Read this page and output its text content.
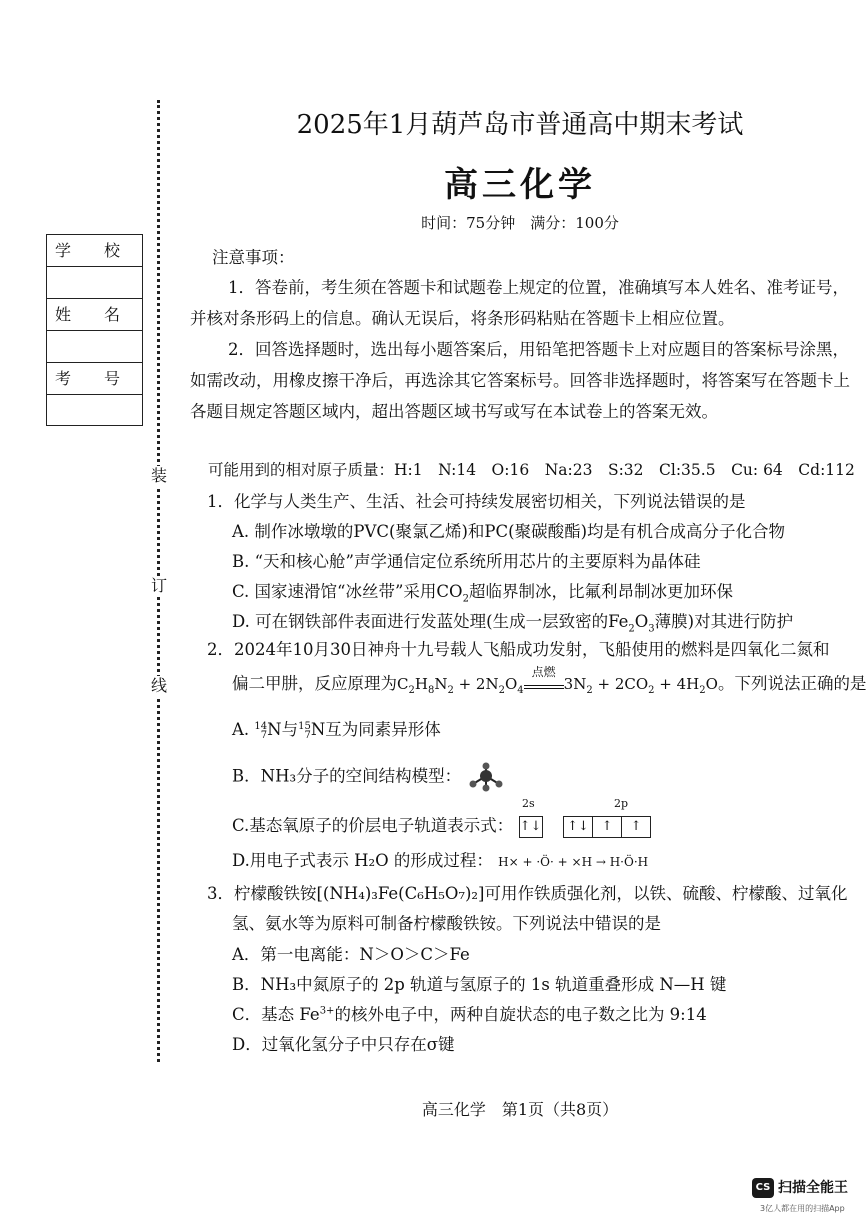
装
订
线
学 校
姓 名
考 号
2025年1月葫芦岛市普通高中期末考试
高三化学
时间：75分钟　满分：100分
注意事项：
1．答卷前，考生须在答题卡和试题卷上规定的位置，准确填写本人姓名、准考证号，并核对条形码上的信息。确认无误后，将条形码粘贴在答题卡上相应位置。
2．回答选择题时，选出每小题答案后，用铅笔把答题卡上对应题目的答案标号涂黑，如需改动，用橡皮擦干净后，再选涂其它答案标号。回答非选择题时，将答案写在答题卡上各题目规定答题区域内，超出答题区域书写或写在本试卷上的答案无效。
可能用到的相对原子质量：H:1　N:14　O:16　Na:23　S:32　Cl:35.5　Cu: 64　Cd:112
1．化学与人类生产、生活、社会可持续发展密切相关，下列说法错误的是
A. 制作冰墩墩的PVC(聚氯乙烯)和PC(聚碳酸酯)均是有机合成高分子化合物
B. “天和核心舱”声学通信定位系统所用芯片的主要原料为晶体硅
C. 国家速滑馆“冰丝带”采用$CO_2$超临界制冰，比氟利昂制冰更加环保
D. 可在钢铁部件表面进行发蓝处理(生成一层致密的$Fe_2O_3$薄膜)对其进行防护
2．2024年10月30日神舟十九号载人飞船成功发射，飞船使用的燃料是四氧化二氮和
偏二甲肼，反应原理为$C_2H_8N_2 + 2N_2O_4$
点燃
$3N_2 + 2CO_2 + 4H_2O$。下列说法正确的是
A. 14
7N与15
7N互为同素异形体
B．NH₃分子的空间结构模型：
2s	2p
C.基态氧原子的价层电子轨道表示式： ↑↓
↑↓ ↑	↑
D.用电子式表示 H₂O 的形成过程： H× + ·Ö· + ×H → H·Ö·H
3．柠檬酸铁铵[(NH₄)₃Fe(C₆H₅O₇)₂]可用作铁质强化剂，以铁、硫酸、柠檬酸、过氧化
氢、氨水等为原料可制备柠檬酸铁铵。下列说法中错误的是
A．第一电离能：N＞O＞C＞Fe
B．NH₃中氮原子的 2p 轨道与氢原子的 1s 轨道重叠形成 N—H 键
C．基态 $Fe^{3+}$的核外电子中，两种自旋状态的电子数之比为 9:14
D．过氧化氢分子中只存在σ键
高三化学　第1页（共8页）
CS 扫描全能王
3亿人都在用的扫描App
